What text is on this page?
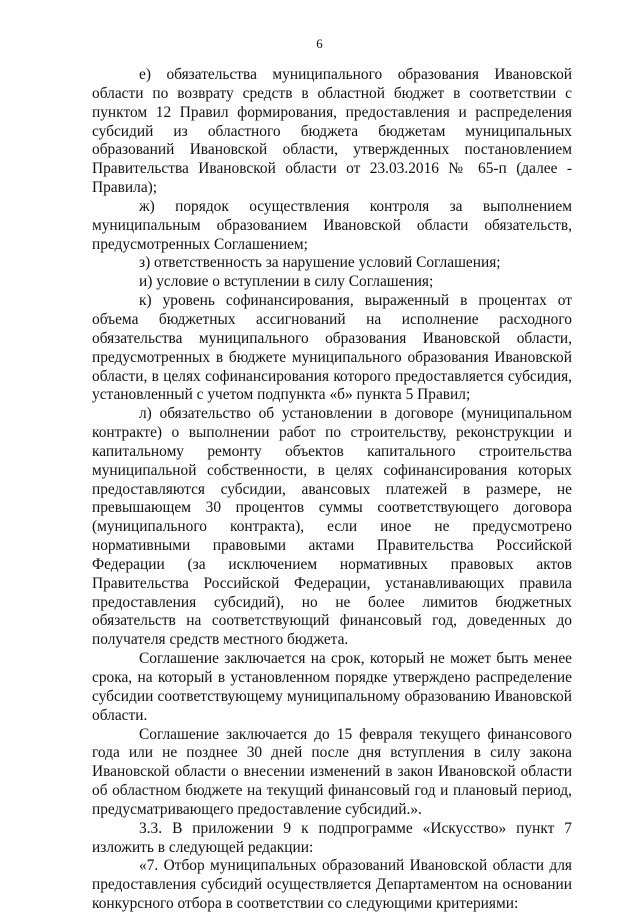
6

е) обязательства муниципального образования Ивановской области по возврату средств в областной бюджет в соответствии с пунктом 12 Правил формирования, предоставления и распределения субсидий из областного бюджета бюджетам муниципальных образований Ивановской области, утвержденных постановлением Правительства Ивановской области от 23.03.2016 № 65-п (далее - Правила);

ж) порядок осуществления контроля за выполнением муниципальным образованием Ивановской области обязательств, предусмотренных Соглашением;

з) ответственность за нарушение условий Соглашения;

и) условие о вступлении в силу Соглашения;

к) уровень софинансирования, выраженный в процентах от объема бюджетных ассигнований на исполнение расходного обязательства муниципального образования Ивановской области, предусмотренных в бюджете муниципального образования Ивановской области, в целях софинансирования которого предоставляется субсидия, установленный с учетом подпункта «б» пункта 5 Правил;

л) обязательство об установлении в договоре (муниципальном контракте) о выполнении работ по строительству, реконструкции и капитальному ремонту объектов капитального строительства муниципальной собственности, в целях софинансирования которых предоставляются субсидии, авансовых платежей в размере, не превышающем 30 процентов суммы соответствующего договора (муниципального контракта), если иное не предусмотрено нормативными правовыми актами Правительства Российской Федерации (за исключением нормативных правовых актов Правительства Российской Федерации, устанавливающих правила предоставления субсидий), но не более лимитов бюджетных обязательств на соответствующий финансовый год, доведенных до получателя средств местного бюджета.

Соглашение заключается на срок, который не может быть менее срока, на который в установленном порядке утверждено распределение субсидии соответствующему муниципальному образованию Ивановской области.

Соглашение заключается до 15 февраля текущего финансового года или не позднее 30 дней после дня вступления в силу закона Ивановской области о внесении изменений в закон Ивановской области об областном бюджете на текущий финансовый год и плановый период, предусматривающего предоставление субсидий.».

3.3. В приложении 9 к подпрограмме «Искусство» пункт 7 изложить в следующей редакции:

«7. Отбор муниципальных образований Ивановской области для предоставления субсидий осуществляется Департаментом на основании конкурсного отбора в соответствии со следующими критериями:
